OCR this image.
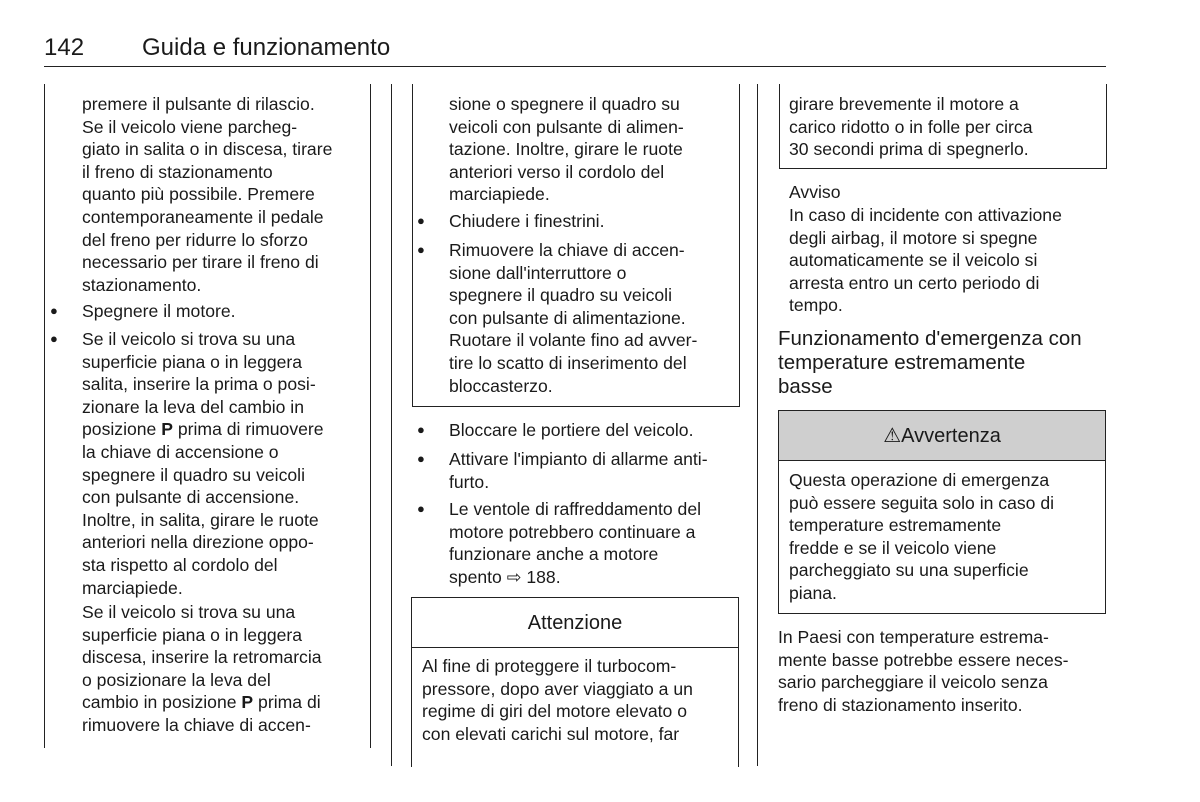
142 Guida e funzionamento
premere il pulsante di rilascio.
Se il veicolo viene parcheg-
giato in salita o in discesa, tirare
il freno di stazionamento
quanto più possibile. Premere
contemporaneamente il pedale
del freno per ridurre lo sforzo
necessario per tirare il freno di
stazionamento.
● Spegnere il motore.
● Se il veicolo si trova su una
superficie piana o in leggera
salita, inserire la prima o posi-
zionare la leva del cambio in
posizione P prima di rimuovere
la chiave di accensione o
spegnere il quadro su veicoli
con pulsante di accensione.
Inoltre, in salita, girare le ruote
anteriori nella direzione oppo-
sta rispetto al cordolo del
marciapiede.
Se il veicolo si trova su una
superficie piana o in leggera
discesa, inserire la retromarcia
o posizionare la leva del
cambio in posizione P prima di
rimuovere la chiave di accen-
sione o spegnere il quadro su
veicoli con pulsante di alimen-
tazione. Inoltre, girare le ruote
anteriori verso il cordolo del
marciapiede.
● Chiudere i finestrini.
● Rimuovere la chiave di accen-
sione dall'interruttore o
spegnere il quadro su veicoli
con pulsante di alimentazione.
Ruotare il volante fino ad avver-
tire lo scatto di inserimento del
bloccasterzo.
● Bloccare le portiere del veicolo.
● Attivare l'impianto di allarme anti-
furto.
● Le ventole di raffreddamento del
motore potrebbero continuare a
funzionare anche a motore
spento ⇨ 188.
Attenzione
Al fine di proteggere il turbocom-
pressore, dopo aver viaggiato a un
regime di giri del motore elevato o
con elevati carichi sul motore, far
girare brevemente il motore a
carico ridotto o in folle per circa
30 secondi prima di spegnerlo.
Avviso
In caso di incidente con attivazione
degli airbag, il motore si spegne
automaticamente se il veicolo si
arresta entro un certo periodo di
tempo.
Funzionamento d'emergenza con
temperature estremamente
basse
⚠Avvertenza
Questa operazione di emergenza
può essere seguita solo in caso di
temperature estremamente
fredde e se il veicolo viene
parcheggiato su una superficie
piana.
In Paesi con temperature estrema-
mente basse potrebbe essere neces-
sario parcheggiare il veicolo senza
freno di stazionamento inserito.
